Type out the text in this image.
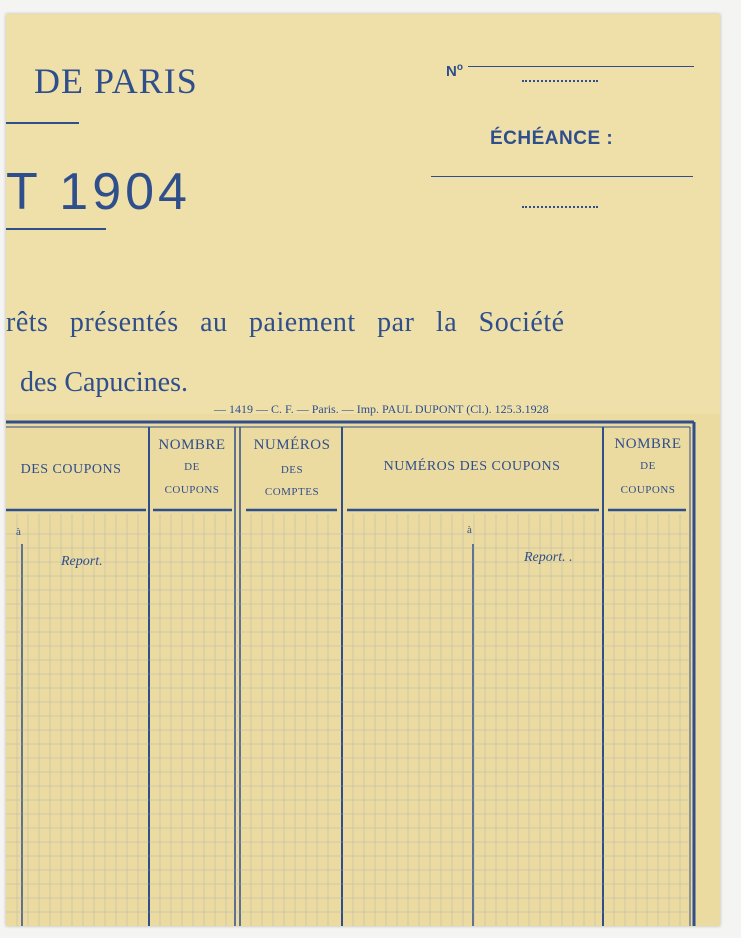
DE PARIS
T 1904
$N^o$
ÉCHÉANCE :
rêts présentés au paiement par la Société
des Capucines.
— 1419 — C. F. — Paris. — Imp. PAUL DUPONT (Cl.). 125.3.1928
DES COUPONS
NOMBRE
DE
COUPONS
NUMÉROS
DES
COMPTES
NUMÉROS DES COUPONS
NOMBRE
DE
COUPONS
à	à
Report.	Report. .
